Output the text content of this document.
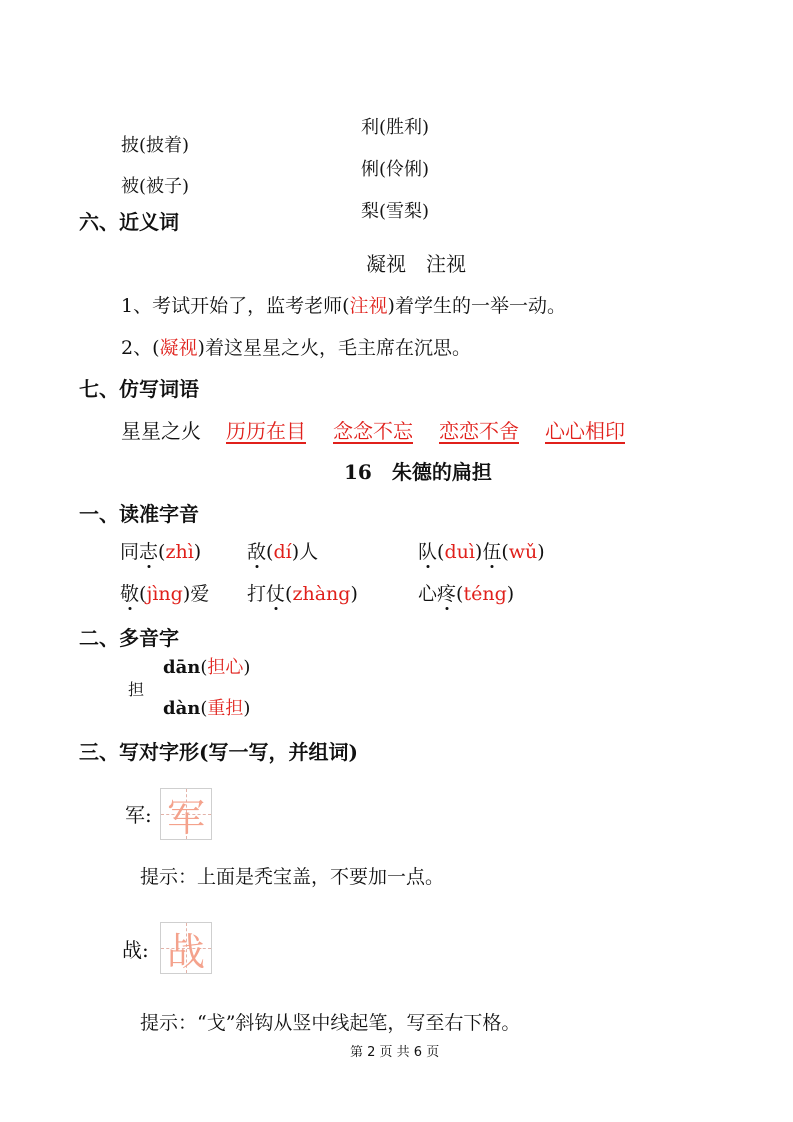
披(披着)
被(被子)
利(胜利)
俐(伶俐)
梨(雪梨)
六、近义词
凝视　注视
1、考试开始了，监考老师(注视)着学生的一举一动。
2、(凝视)着这星星之火，毛主席在沉思。
七、仿写词语
星星之火 历历在目 念念不忘 恋恋不舍 心心相印
16　朱德的扁担
一、读准字音
同志(zhì) 敌(dí)人	队(duì)伍(wǔ)
敬(jìng)爱 打仗(zhàng)	心疼(téng)
二、多音字
担
dān(担心)
dàn(重担)
三、写对字形(写一写，并组词)
军: 军
提示：上面是秃宝盖，不要加一点。
战: 战
提示：“戈”斜钩从竖中线起笔，写至右下格。
第 2 页 共 6 页
